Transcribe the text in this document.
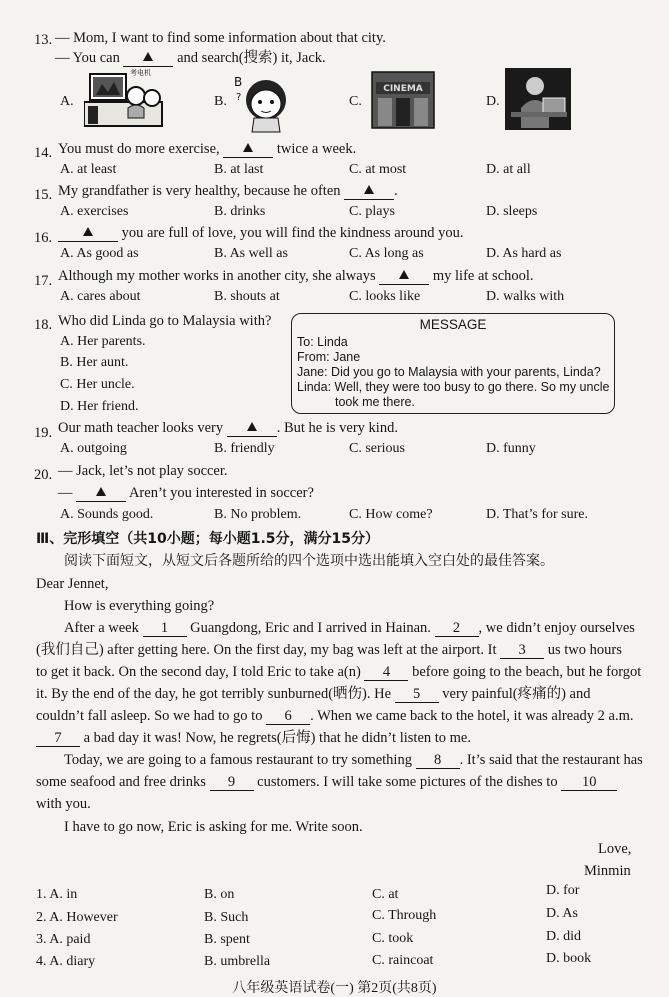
13. — Mom, I want to find some information about that city.
— You can	and search(搜索) it, Jack.
A.	B.	C.	D.
考电机
B
?
CINEMA
14. You must do more exercise,	twice a week.
A. at least	B. at last	C. at most	D. at all
15. My grandfather is very healthy, because he often	.
A. exercises	B. drinks	C. plays	D. sleeps
16.	you are full of love, you will find the kindness around you.
A. As good as	B. As well as	C. As long as	D. As hard as
17. Although my mother works in another city, she always	my life at school.
A. cares about	B. shouts at	C. looks like	D. walks with
18. Who did Linda go to Malaysia with?
A. Her parents.
B. Her aunt.
C. Her uncle.
D. Her friend.
MESSAGE
To: Linda
From: Jane
Jane: Did you go to Malaysia with your parents, Linda?
Linda: Well, they were too busy to go there. So my uncle
took me there.
19. Our math teacher looks very	. But he is very kind.
A. outgoing	B. friendly	C. serious	D. funny
20. — Jack, let’s not play soccer.
—	Aren’t you interested in soccer?
A. Sounds good.	B. No problem.	C. How come?	D. That’s for sure.
Ⅲ、完形填空（共10小题；每小题1.5分，满分15分）
阅读下面短文，从短文后各题所给的四个选项中选出能填入空白处的最佳答案。
Dear Jennet,
How is everything going?
After a week 1 Guangdong, Eric and I arrived in Hainan. 2 , we didn’t enjoy ourselves
(我们自己) after getting here. On the first day, my bag was left at the airport. It 3 us two hours
to get it back. On the second day, I told Eric to take a(n) 4 before going to the beach, but he forgot
it. By the end of the day, he got terribly sunburned(晒伤). He 5 very painful(疼痛的) and
couldn’t fall asleep. So we had to go to 6 . When we came back to the hotel, it was already 2 a.m.
7 a bad day it was! Now, he regrets(后悔) that he didn’t listen to me.
Today, we are going to a famous restaurant to try something 8 . It’s said that the restaurant has
some seafood and free drinks 9 customers. I will take some pictures of the dishes to 10
with you.
I have to go now, Eric is asking for me. Write soon.
Love,
Minmin
1. A. in	B. on	C. at	D. for
2. A. However	B. Such	C. Through	D. As
3. A. paid	B. spent	C. took	D. did
4. A. diary	B. umbrella	C. raincoat	D. book
八年级英语试卷(一) 第2页(共8页)
